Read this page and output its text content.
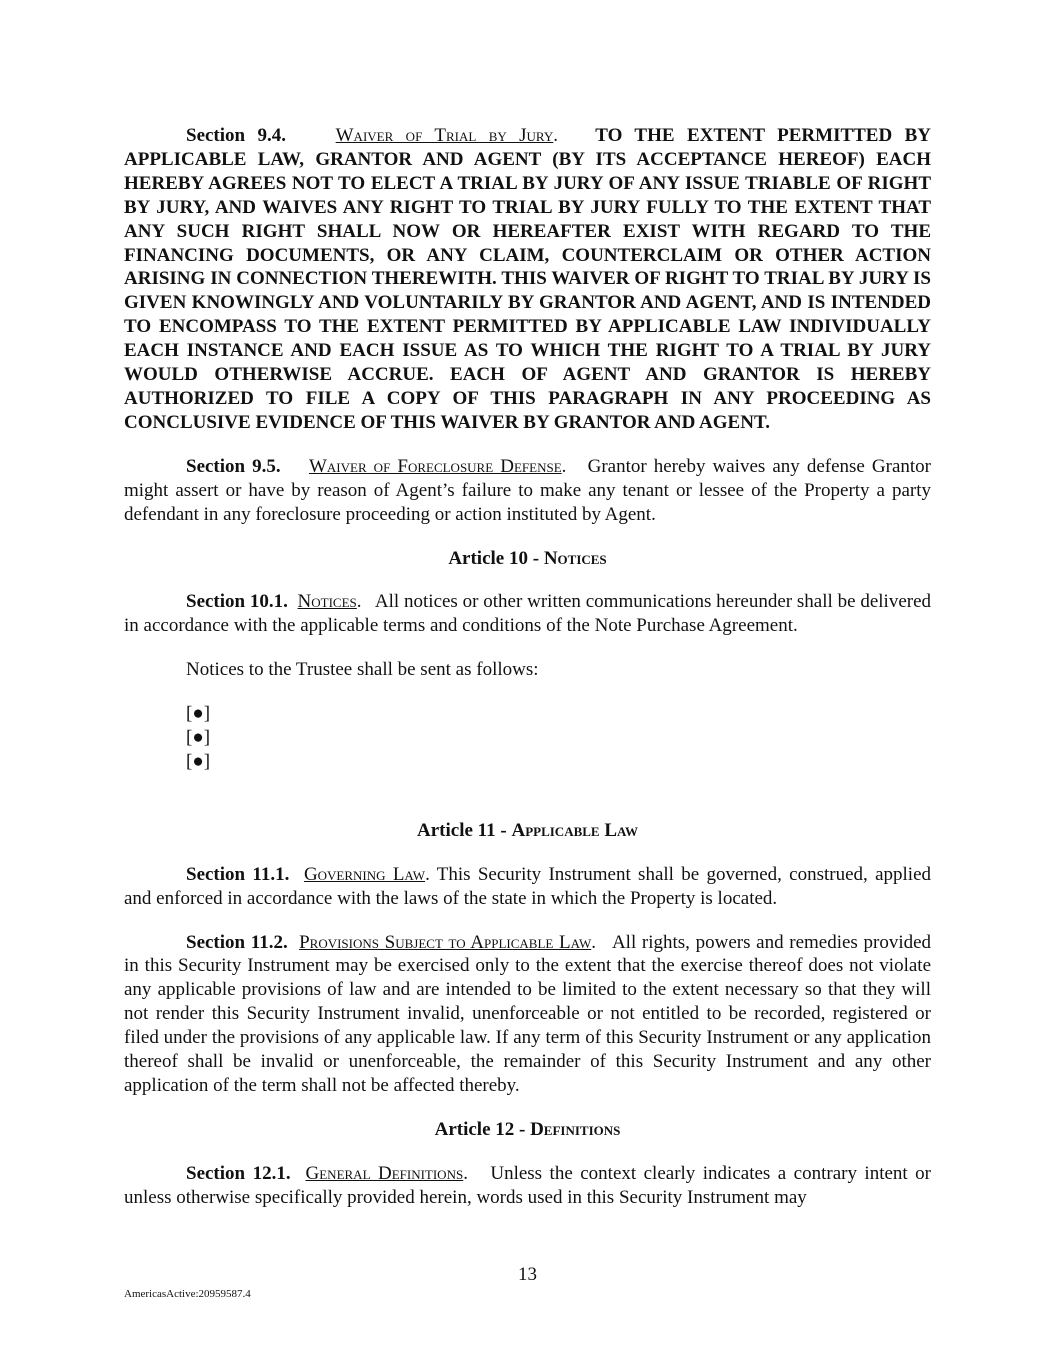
Section 9.4.	Waiver of Trial by Jury.   TO THE EXTENT PERMITTED BY APPLICABLE LAW, GRANTOR AND AGENT (BY ITS ACCEPTANCE HEREOF) EACH HEREBY AGREES NOT TO ELECT A TRIAL BY JURY OF ANY ISSUE TRIABLE OF RIGHT BY JURY, AND WAIVES ANY RIGHT TO TRIAL BY JURY FULLY TO THE EXTENT THAT ANY SUCH RIGHT SHALL NOW OR HEREAFTER EXIST WITH REGARD TO THE FINANCING DOCUMENTS, OR ANY CLAIM, COUNTERCLAIM OR OTHER ACTION ARISING IN CONNECTION THEREWITH. THIS WAIVER OF RIGHT TO TRIAL BY JURY IS GIVEN KNOWINGLY AND VOLUNTARILY BY GRANTOR AND AGENT, AND IS INTENDED TO ENCOMPASS TO THE EXTENT PERMITTED BY APPLICABLE LAW INDIVIDUALLY EACH INSTANCE AND EACH ISSUE AS TO WHICH THE RIGHT TO A TRIAL BY JURY WOULD OTHERWISE ACCRUE. EACH OF AGENT AND GRANTOR IS HEREBY AUTHORIZED TO FILE A COPY OF THIS PARAGRAPH IN ANY PROCEEDING AS CONCLUSIVE EVIDENCE OF THIS WAIVER BY GRANTOR AND AGENT.

Section 9.5. Waiver of Foreclosure Defense.   Grantor hereby waives any defense Grantor might assert or have by reason of Agent’s failure to make any tenant or lessee of the Property a party defendant in any foreclosure proceeding or action instituted by Agent.

Article 10 - Notices

Section 10.1. Notices.   All notices or other written communications hereunder shall be delivered in accordance with the applicable terms and conditions of the Note Purchase Agreement.

Notices to the Trustee shall be sent as follows:

[●]

[●]

[●]

Article 11 - Applicable Law

Section 11.1. Governing Law. This Security Instrument shall be governed, construed, applied and enforced in accordance with the laws of the state in which the Property is located.

Section 11.2. Provisions Subject to Applicable Law.   All rights, powers and remedies provided in this Security Instrument may be exercised only to the extent that the exercise thereof does not violate any applicable provisions of law and are intended to be limited to the extent necessary so that they will not render this Security Instrument invalid, unenforceable or not entitled to be recorded, registered or filed under the provisions of any applicable law. If any term of this Security Instrument or any application thereof shall be invalid or unenforceable, the remainder of this Security Instrument and any other application of the term shall not be affected thereby.

Article 12 - Definitions

Section 12.1. General Definitions.   Unless the context clearly indicates a contrary intent or unless otherwise specifically provided herein, words used in this Security Instrument may

13
AmericasActive:20959587.4
